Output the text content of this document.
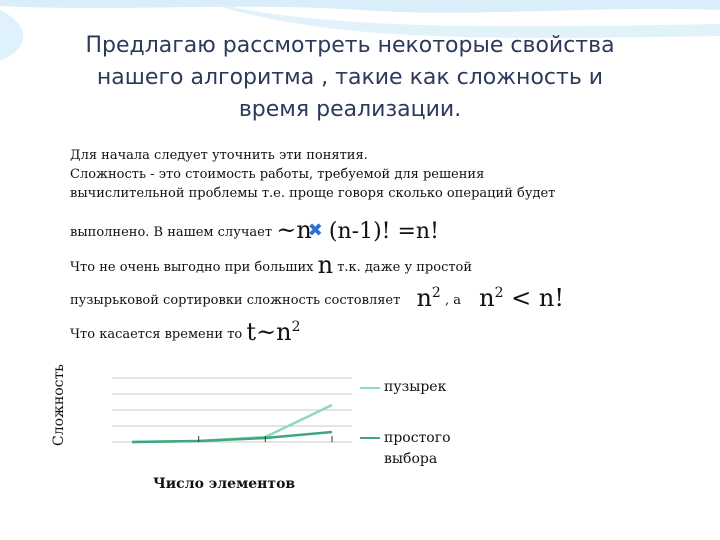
Предлагаю рассмотреть некоторые свойства
нашего алгоритма , такие как сложность и
время реализации.
Для начала следует уточнить эти понятия.
Сложность - это стоимость работы, требуемой для решения
вычислительной проблемы т.е. проще говоря сколько операций будет
выполнено. В нашем случает ~n✖ (n-1)! =n!
Что не очень выгодно при больших n т.к. даже у простой
пузырьковой сортировки сложность состовляет $n^2$ , а $n^2 < n$!
Что касается времени то $t\sim n^2$
Сложность
Число элементов
пузырек
простого выбора
